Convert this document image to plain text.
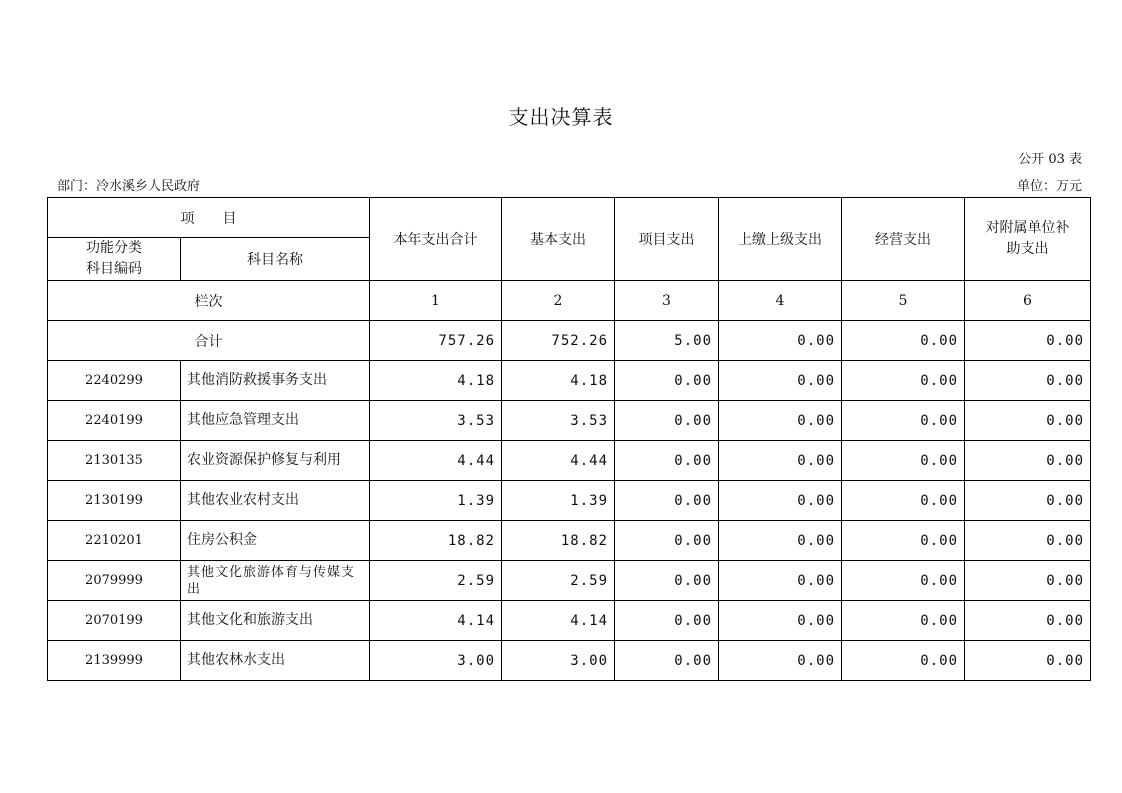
支出决算表
公开 03 表
部门：冷水溪乡人民政府	单位：万元
项　　目		本年支出合计	基本支出	项目支出	上缴上级支出	经营支出	对附属单位补
助支出

功能分类
科目编码	科目名称						
栏次		1	2	3	4	5	6
合计		757.26	752.26	5.00	0.00	0.00	0.00
2240299	其他消防救援事务支出	4.18	4.18	0.00	0.00	0.00	0.00
2240199	其他应急管理支出	3.53	3.53	0.00	0.00	0.00	0.00
2130135	农业资源保护修复与利用	4.44	4.44	0.00	0.00	0.00	0.00
2130199	其他农业农村支出	1.39	1.39	0.00	0.00	0.00	0.00
2210201	住房公积金	18.82	18.82	0.00	0.00	0.00	0.00
2079999	其他文化旅游体育与传媒支出	2.59	2.59	0.00	0.00	0.00	0.00
2070199	其他文化和旅游支出	4.14	4.14	0.00	0.00	0.00	0.00
2139999	其他农林水支出	3.00	3.00	0.00	0.00	0.00	0.00
